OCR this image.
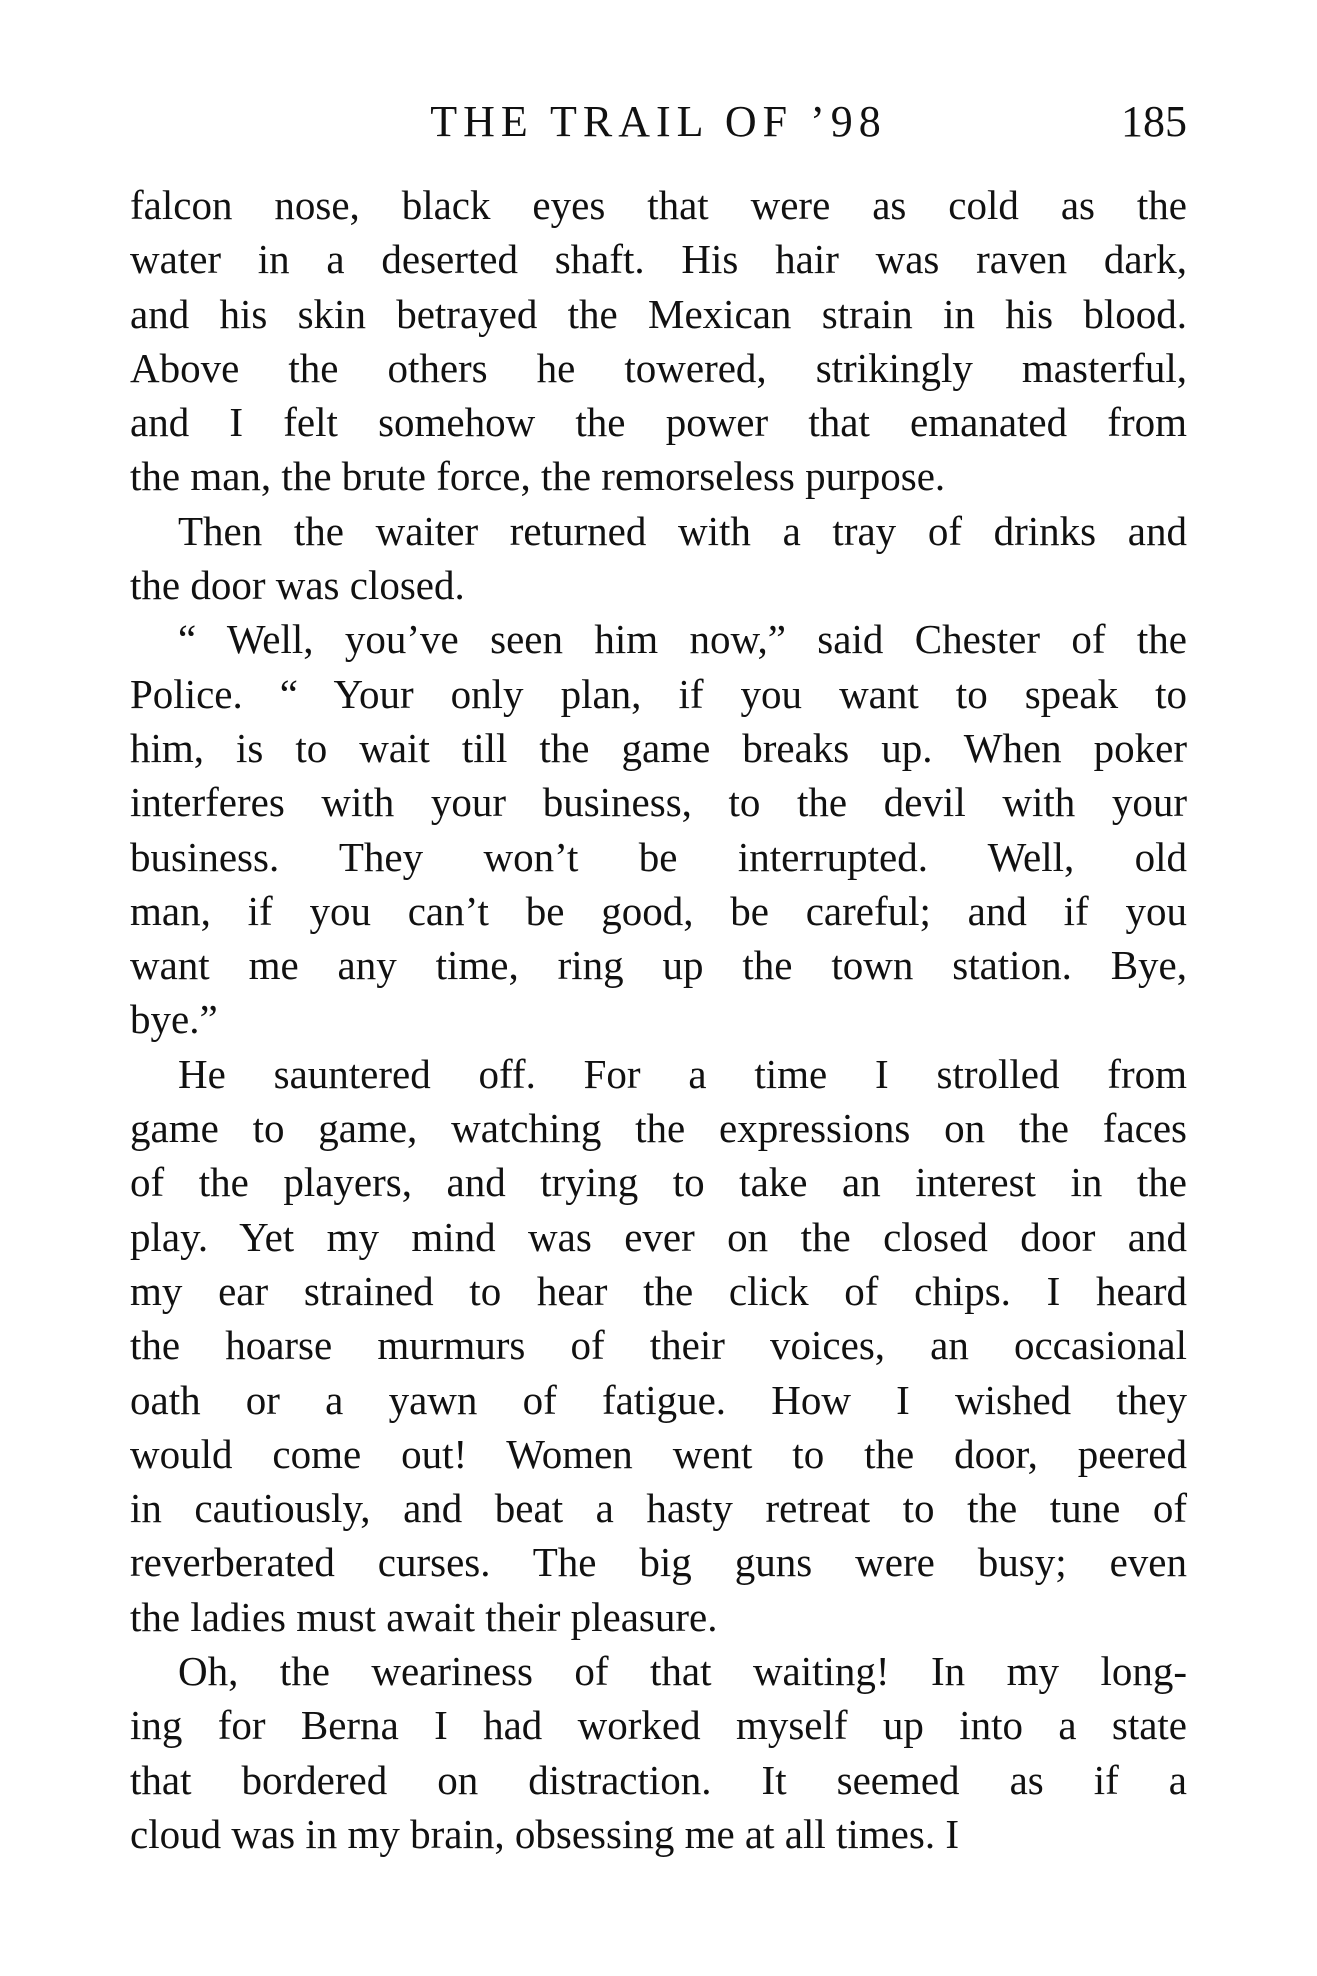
THE TRAIL OF ’98	185
falcon nose, black eyes that were as cold as the
water in a deserted shaft. His hair was raven dark,
and his skin betrayed the Mexican strain in his blood.
Above the others he towered, strikingly masterful,
and I felt somehow the power that emanated from
the man, the brute force, the remorseless purpose.
Then the waiter returned with a tray of drinks and
the door was closed.
“ Well, you’ve seen him now,” said Chester of the
Police. “ Your only plan, if you want to speak to
him, is to wait till the game breaks up. When poker
interferes with your business, to the devil with your
business. They won’t be interrupted. Well, old
man, if you can’t be good, be careful; and if you
want me any time, ring up the town station. Bye,
bye.”
He sauntered off. For a time I strolled from
game to game, watching the expressions on the faces
of the players, and trying to take an interest in the
play. Yet my mind was ever on the closed door and
my ear strained to hear the click of chips. I heard
the hoarse murmurs of their voices, an occasional
oath or a yawn of fatigue. How I wished they
would come out! Women went to the door, peered
in cautiously, and beat a hasty retreat to the tune of
reverberated curses. The big guns were busy; even
the ladies must await their pleasure.
Oh, the weariness of that waiting! In my long-
ing for Berna I had worked myself up into a state
that bordered on distraction. It seemed as if a
cloud was in my brain, obsessing me at all times. I
